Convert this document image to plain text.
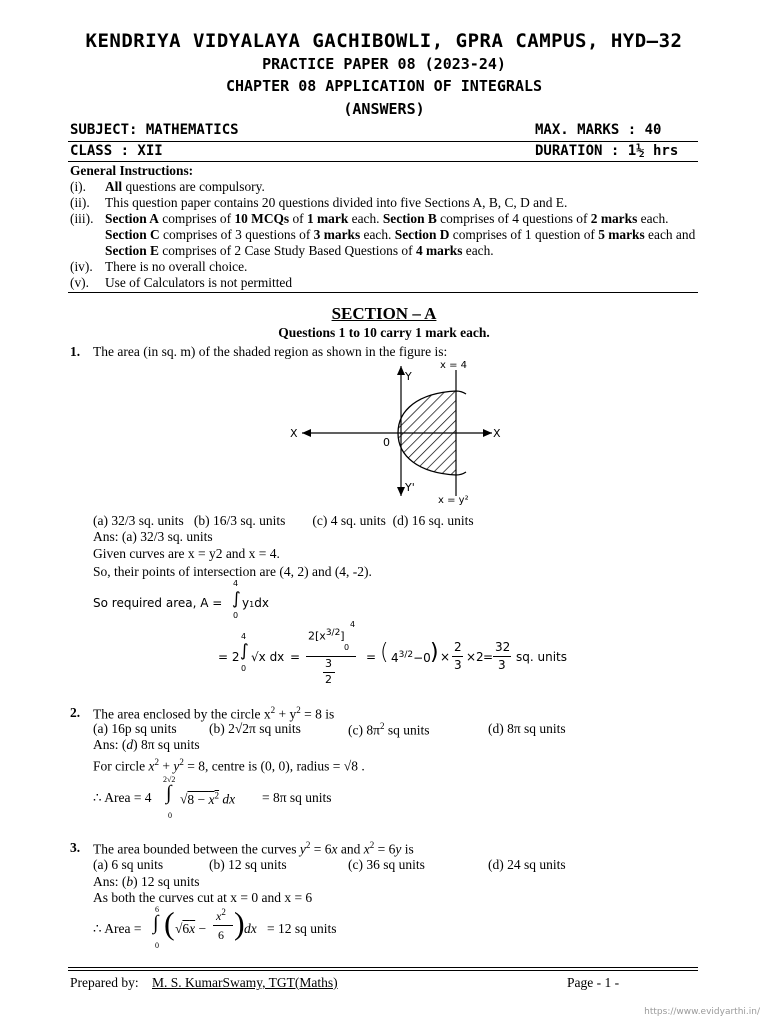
KENDRIYA VIDYALAYA GACHIBOWLI, GPRA CAMPUS, HYD–32
PRACTICE PAPER 08 (2023-24)
CHAPTER 08 APPLICATION OF INTEGRALS
(ANSWERS)
SUBJECT: MATHEMATICS	MAX. MARKS : 40
CLASS : XII	DURATION : 1½ hrs
General Instructions:
(i).	All questions are compulsory.
(ii).	This question paper contains 20 questions divided into five Sections A, B, C, D and E.
(iii). Section A comprises of 10 MCQs of 1 mark each. Section B comprises of 4 questions of 2 marks each. Section C comprises of 3 questions of 3 marks each. Section D comprises of 1 question of 5 marks each and Section E comprises of 2 Case Study Based Questions of 4 marks each.
(iv). There is no overall choice.
(v).	Use of Calculators is not permitted
SECTION – A
Questions 1 to 10 carry 1 mark each.
1. The area (in sq. m) of the shaded region as shown in the figure is:
Y
Y'
X
X
0
x = 4
x = y²
(a) 32/3 sq. units   (b) 16/3 sq. units        (c) 4 sq. units  (d) 16 sq. units
Ans: (a) 32/3 sq. units
Given curves are x = y2 and x = 4.
So, their points of intersection are (4, 2) and (4, -2).
So required area, A = ∫
4
0
y1dx
= 2 ∫
4
0
√x dx =
$2[x^{3/2}]$
4
0
3
2
= ( $4^{3/2}-0$ ) ×
2
3
×2 =
32
3
sq. units
2. The area enclosed by the circle $x^2 + y^2 = 8$ is
(a) 16p sq units (b) 2√2π sq units	(c) $8\pi^2$ sq units	(d) 8π sq units
Ans: (d) 8π sq units
For circle $x^2 + y^2 = 8$, centre is (0, 0), radius = √8 .
∴ Area = 4 ∫
2√2
0
$√8 - x^2$ dx = 8π sq units
3. The area bounded between the curves $y^2 = 6x$ and $x^2 = 6y$ is
(a) 6 sq units	(b) 12 sq units	(c) 36 sq units	(d) 24 sq units
Ans: (b) 12 sq units
As both the curves cut at x = 0 and x = 6
∴ Area = ∫
6
0
( √6x −
$x^2$
6 ) dx = 12 sq units
Prepared by: M. S. KumarSwamy, TGT(Maths)	Page - 1 -
https://www.evidyarthi.in/
